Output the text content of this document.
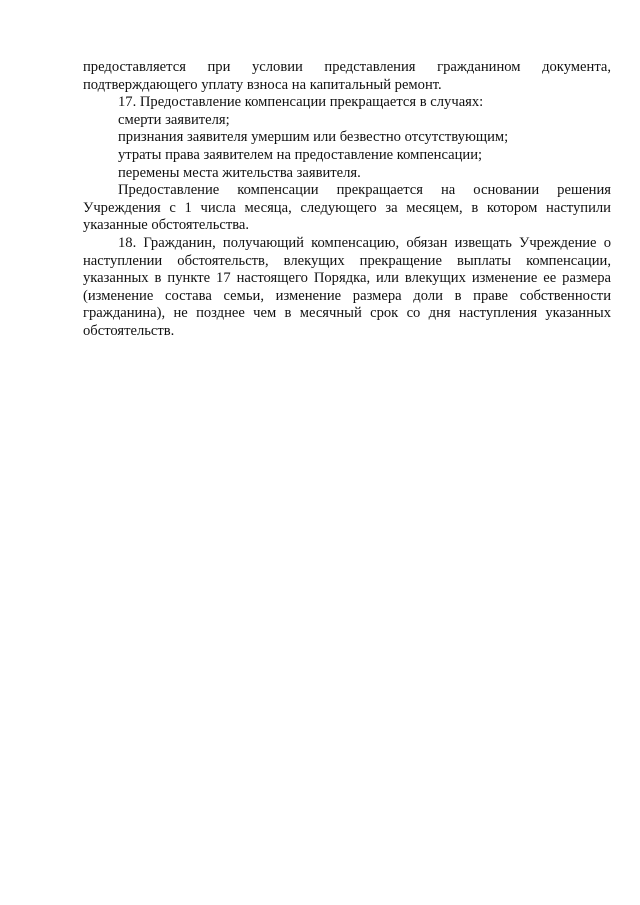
предоставляется при условии представления гражданином документа, подтверждающего уплату взноса на капитальный ремонт.

17. Предоставление компенсации прекращается в случаях:

смерти заявителя;

признания заявителя умершим или безвестно отсутствующим;

утраты права заявителем на предоставление компенсации;

перемены места жительства заявителя.

Предоставление компенсации прекращается на основании решения Учреждения с 1 числа месяца, следующего за месяцем, в котором наступили указанные обстоятельства.

18. Гражданин, получающий компенсацию, обязан извещать Учреждение о наступлении обстоятельств, влекущих прекращение выплаты компенсации, указанных в пункте 17 настоящего Порядка, или влекущих изменение ее размера (изменение состава семьи, изменение размера доли в праве собственности гражданина), не позднее чем в месячный срок со дня наступления указанных обстоятельств.
